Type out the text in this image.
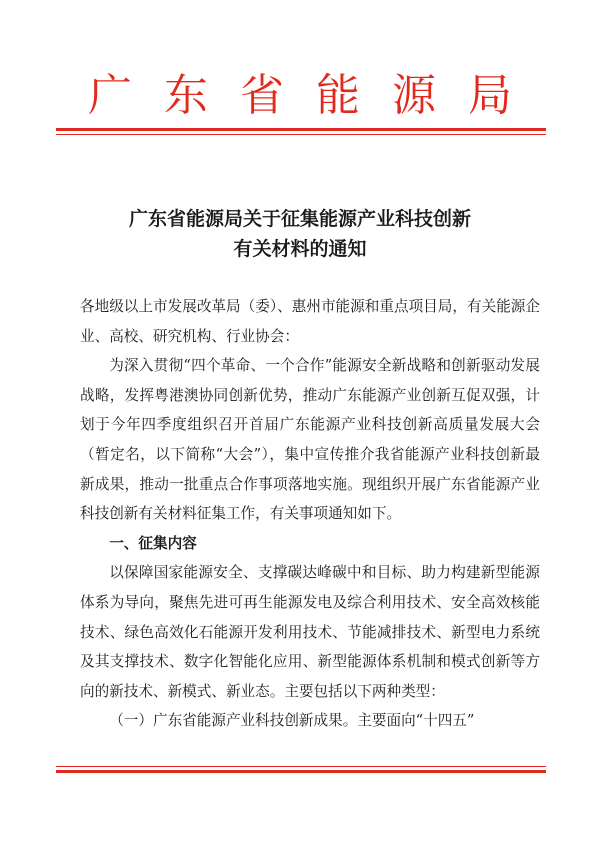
广东省能源局
广东省能源局关于征集能源产业科技创新
有关材料的通知

各地级以上市发展改革局（委）、惠州市能源和重点项目局，有关能源企业、高校、研究机构、行业协会：

为深入贯彻“四个革命、一个合作”能源安全新战略和创新驱动发展战略，发挥粤港澳协同创新优势，推动广东能源产业创新互促双强，计划于今年四季度组织召开首届广东能源产业科技创新高质量发展大会（暂定名，以下简称“大会”），集中宣传推介我省能源产业科技创新最新成果，推动一批重点合作事项落地实施。现组织开展广东省能源产业科技创新有关材料征集工作，有关事项通知如下。

一、征集内容

以保障国家能源安全、支撑碳达峰碳中和目标、助力构建新型能源体系为导向，聚焦先进可再生能源发电及综合利用技术、安全高效核能技术、绿色高效化石能源开发利用技术、节能减排技术、新型电力系统及其支撑技术、数字化智能化应用、新型能源体系机制和模式创新等方向的新技术、新模式、新业态。主要包括以下两种类型：

（一）广东省能源产业科技创新成果。主要面向“十四五”
